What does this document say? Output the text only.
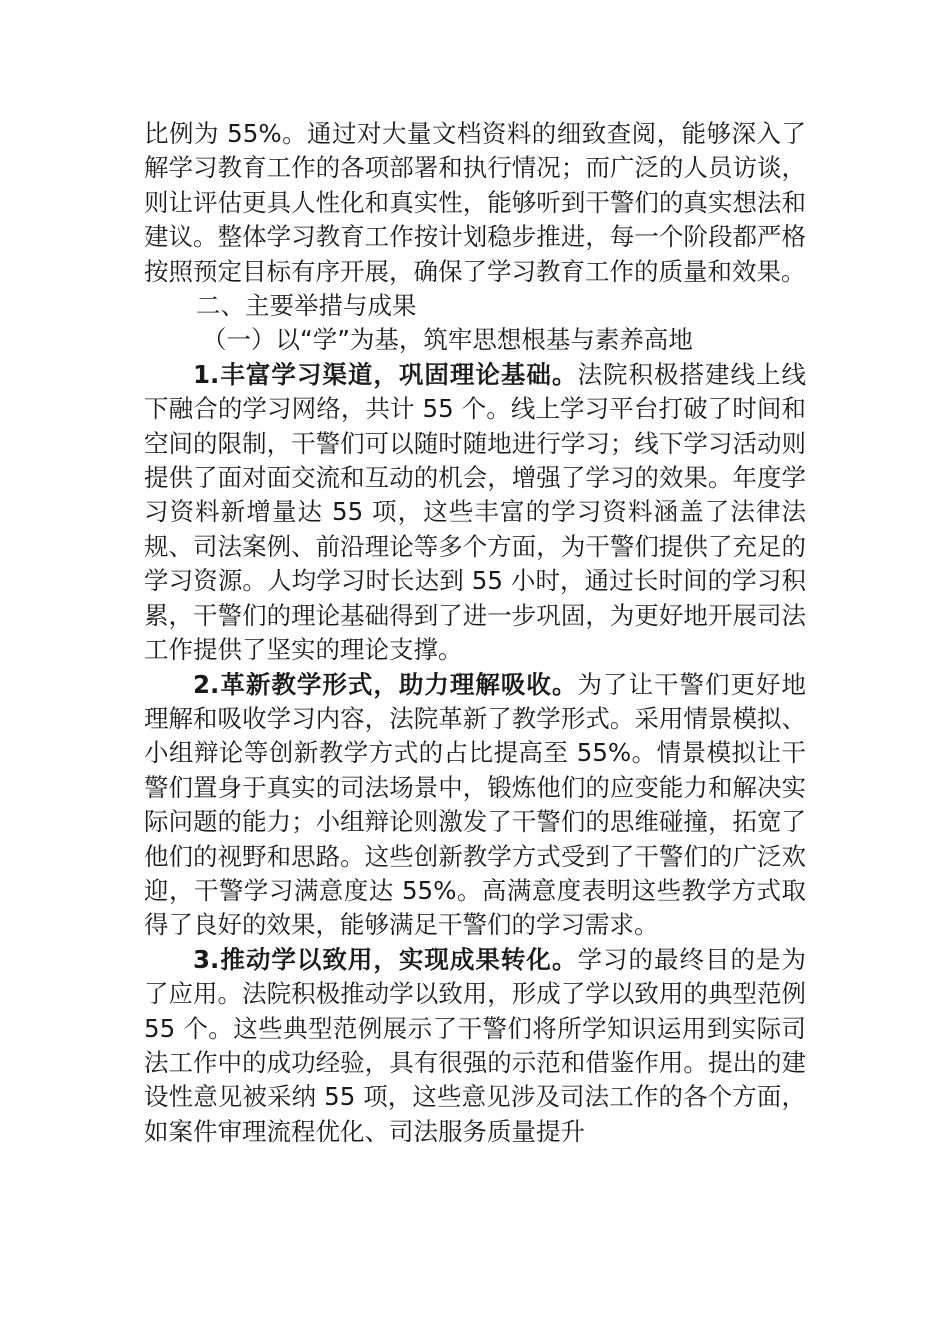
比例为 55%。通过对大量文档资料的细致查阅，能够深入了解学习教育工作的各项部署和执行情况；而广泛的人员访谈，则让评估更具人性化和真实性，能够听到干警们的真实想法和建议。整体学习教育工作按计划稳步推进，每一个阶段都严格按照预定目标有序开展，确保了学习教育工作的质量和效果。

二、主要举措与成果

（一）以“学”为基，筑牢思想根基与素养高地

1.丰富学习渠道，巩固理论基础。法院积极搭建线上线下融合的学习网络，共计 55 个。线上学习平台打破了时间和空间的限制，干警们可以随时随地进行学习；线下学习活动则提供了面对面交流和互动的机会，增强了学习的效果。年度学习资料新增量达 55 项，这些丰富的学习资料涵盖了法律法规、司法案例、前沿理论等多个方面，为干警们提供了充足的学习资源。人均学习时长达到 55 小时，通过长时间的学习积累，干警们的理论基础得到了进一步巩固，为更好地开展司法工作提供了坚实的理论支撑。

2.革新教学形式，助力理解吸收。为了让干警们更好地理解和吸收学习内容，法院革新了教学形式。采用情景模拟、小组辩论等创新教学方式的占比提高至 55%。情景模拟让干警们置身于真实的司法场景中，锻炼他们的应变能力和解决实际问题的能力；小组辩论则激发了干警们的思维碰撞，拓宽了他们的视野和思路。这些创新教学方式受到了干警们的广泛欢迎，干警学习满意度达 55%。高满意度表明这些教学方式取得了良好的效果，能够满足干警们的学习需求。

3.推动学以致用，实现成果转化。学习的最终目的是为了应用。法院积极推动学以致用，形成了学以致用的典型范例 55 个。这些典型范例展示了干警们将所学知识运用到实际司法工作中的成功经验，具有很强的示范和借鉴作用。提出的建设性意见被采纳 55 项，这些意见涉及司法工作的各个方面，如案件审理流程优化、司法服务质量提升
